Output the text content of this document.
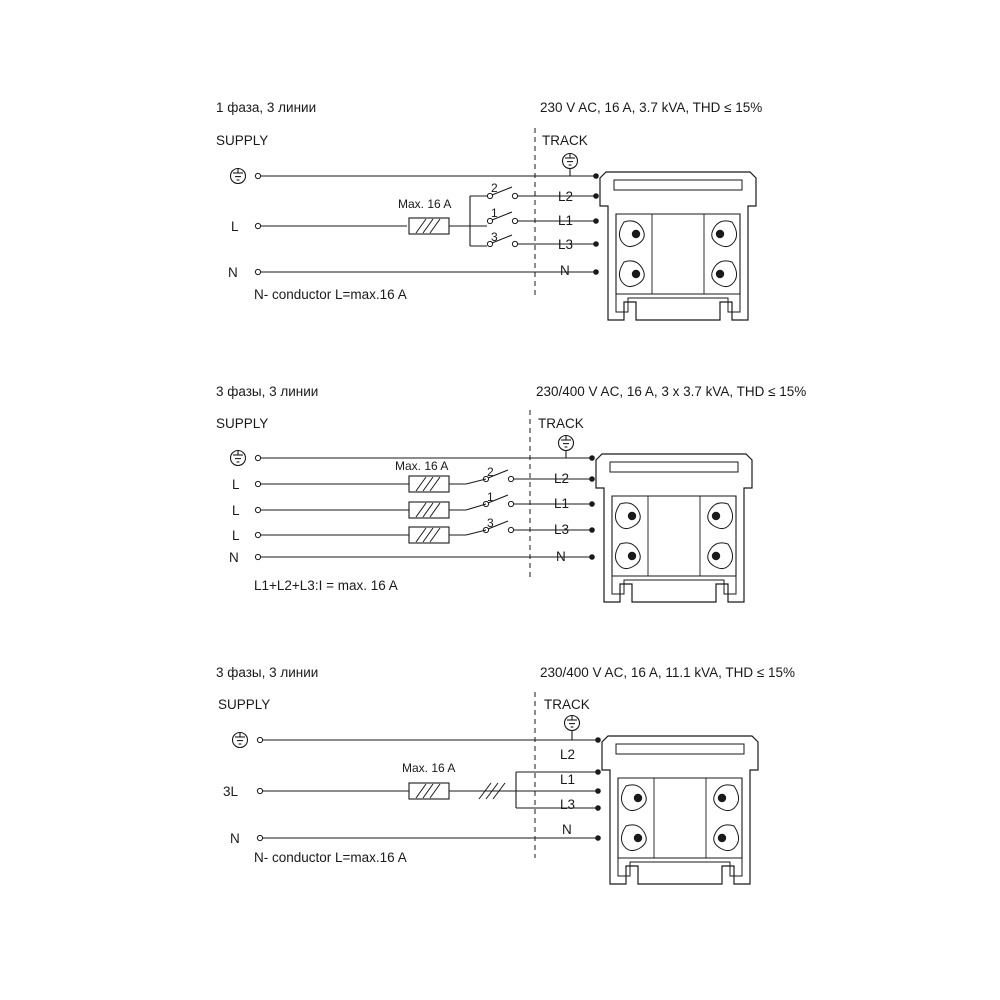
1 фаза, 3 линии	230 V AC, 16 A, 3.7 kVA, THD ≤ 15%
SUPPLY	TRACK
Max. 16 A
L
N
2
1
3
L2
L1
L3
N
N- conductor L=max.16 A
3 фазы, 3 линии	230/400 V AC, 16 A, 3 x 3.7 kVA, THD ≤ 15%
SUPPLY	TRACK
Max. 16 A
L
L
L
N
2
1
3
L2
L1
L3
N
L1+L2+L3:I = max. 16 A
3 фазы, 3 линии	230/400 V AC, 16 A, 11.1 kVA, THD ≤ 15%
SUPPLY	TRACK
Max. 16 A
3L
N
L2
L1
L3
N
N- conductor L=max.16 A
